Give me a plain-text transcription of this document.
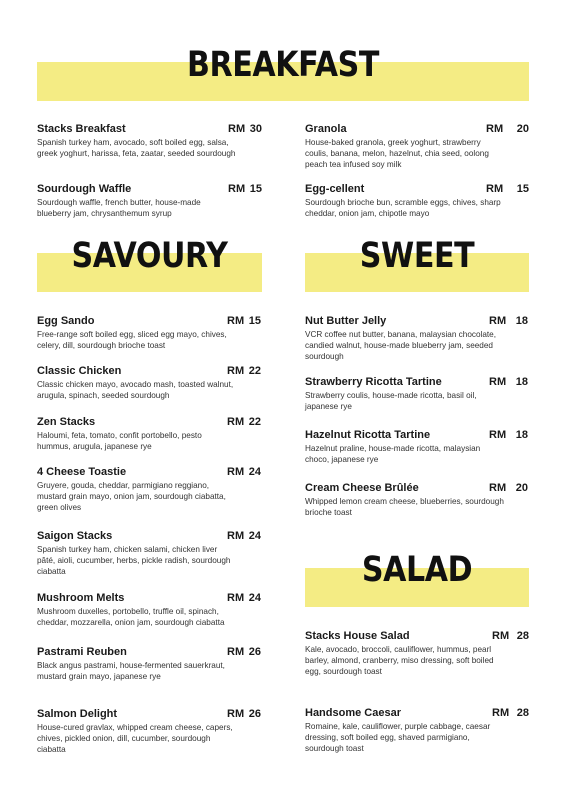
BREAKFAST
Stacks Breakfast	RM 30
Spanish turkey ham, avocado, soft boiled egg, salsa, greek yoghurt, harissa, feta, zaatar, seeded sourdough
Sourdough Waffle	RM 15
Sourdough waffle, french butter, house-made blueberry jam, chrysanthemum syrup
Granola	RM	20
House-baked granola, greek yoghurt, strawberry coulis, banana, melon, hazelnut, chia seed, oolong peach tea infused soy milk
Egg-cellent	RM	15
Sourdough brioche bun, scramble eggs, chives, sharp cheddar, onion jam, chipotle mayo
SAVOURY	SWEET
Egg Sando	RM 15
Free-range soft boiled egg, sliced egg mayo, chives, celery, dill, sourdough brioche toast
Classic Chicken	RM 22
Classic chicken mayo, avocado mash, toasted walnut, arugula, spinach, seeded sourdough
Zen Stacks	RM 22
Haloumi, feta, tomato, confit portobello, pesto hummus, arugula, japanese rye
4 Cheese Toastie	RM 24
Gruyere, gouda, cheddar, parmigiano reggiano, mustard grain mayo, onion jam, sourdough ciabatta, green olives
Saigon Stacks	RM 24
Spanish turkey ham, chicken salami, chicken liver pâté, aioli, cucumber, herbs, pickle radish, sourdough ciabatta
Mushroom Melts	RM 24
Mushroom duxelles, portobello, truffle oil, spinach, cheddar, mozzarella, onion jam, sourdough ciabatta
Pastrami Reuben	RM 26
Black angus pastrami, house-fermented sauerkraut, mustard grain mayo, japanese rye
Salmon Delight	RM 26
House-cured gravlax, whipped cream cheese, capers, chives, pickled onion, dill, cucumber, sourdough ciabatta
Nut Butter Jelly	RM 18
VCR coffee nut butter, banana, malaysian chocolate, candied walnut, house-made blueberry jam, seeded sourdough
Strawberry Ricotta Tartine	RM 18
Strawberry coulis, house-made ricotta, basil oil, japanese rye
Hazelnut Ricotta Tartine	RM 18
Hazelnut praline, house-made ricotta, malaysian choco, japanese rye
Cream Cheese Brûlée	RM 20
Whipped lemon cream cheese, blueberries, sourdough brioche toast
SALAD
Stacks House Salad	RM 28
Kale, avocado, broccoli, cauliflower, hummus, pearl barley, almond, cranberry, miso dressing, soft boiled egg, sourdough toast
Handsome Caesar	RM 28
Romaine, kale, cauliflower, purple cabbage, caesar dressing, soft boiled egg, shaved parmigiano, sourdough toast
